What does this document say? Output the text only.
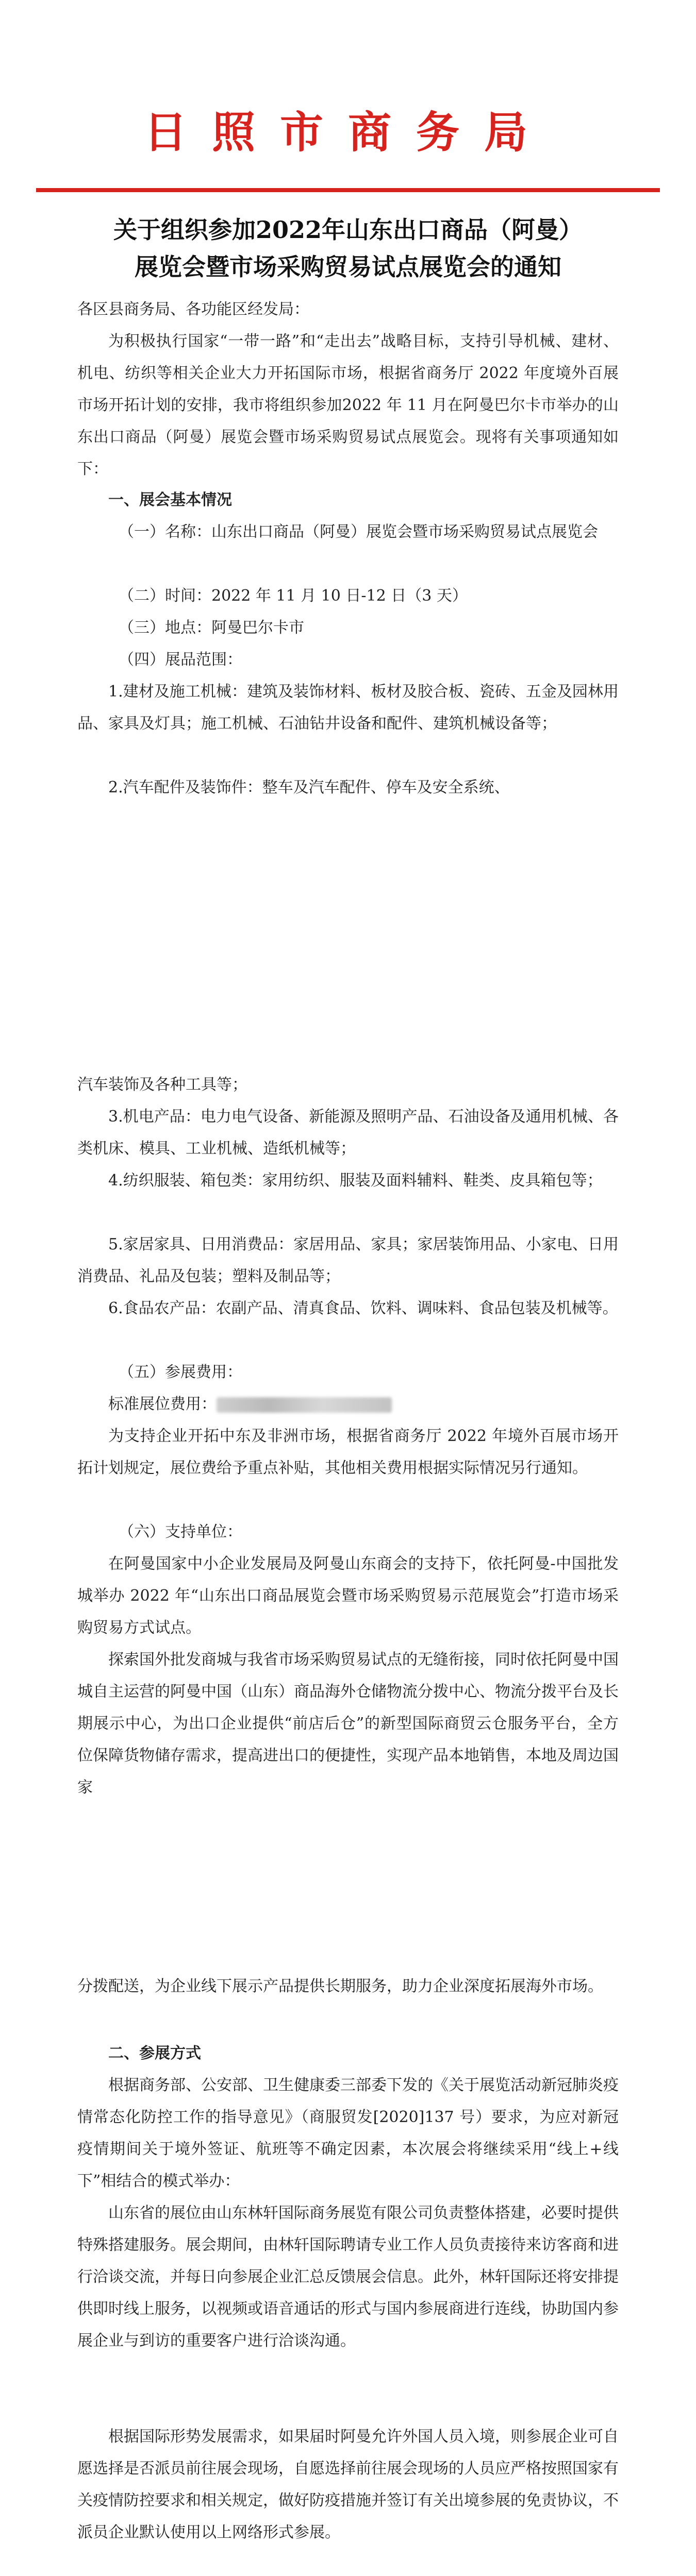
日照市商务局
关于组织参加2022年山东出口商品（阿曼）
展览会暨市场采购贸易试点展览会的通知

各区县商务局、各功能区经发局：

为积极执行国家“一带一路”和“走出去”战略目标，支持引导机械、建材、机电、纺织等相关企业大力开拓国际市场，根据省商务厅 2022 年度境外百展市场开拓计划的安排，我市将组织参加2022 年 11 月在阿曼巴尔卡市举办的山东出口商品（阿曼）展览会暨市场采购贸易试点展览会。现将有关事项通知如下：

一、展会基本情况

（一）名称：山东出口商品（阿曼）展览会暨市场采购贸易试点展览会

（二）时间：2022 年 11 月 10 日-12 日（3 天）

（三）地点：阿曼巴尔卡市

（四）展品范围：

1.建材及施工机械：建筑及装饰材料、板材及胶合板、瓷砖、五金及园林用品、家具及灯具；施工机械、石油钻井设备和配件、建筑机械设备等；

2.汽车配件及装饰件：整车及汽车配件、停车及安全系统、

汽车装饰及各种工具等；

3.机电产品：电力电气设备、新能源及照明产品、石油设备及通用机械、各类机床、模具、工业机械、造纸机械等；

4.纺织服装、箱包类：家用纺织、服装及面料辅料、鞋类、皮具箱包等；

5.家居家具、日用消费品：家居用品、家具；家居装饰用品、小家电、日用消费品、礼品及包装；塑料及制品等；

6.食品农产品：农副产品、清真食品、饮料、调味料、食品包装及机械等。

（五）参展费用：

标准展位费用：

为支持企业开拓中东及非洲市场，根据省商务厅 2022 年境外百展市场开拓计划规定，展位费给予重点补贴，其他相关费用根据实际情况另行通知。

（六）支持单位：

在阿曼国家中小企业发展局及阿曼山东商会的支持下，依托阿曼-中国批发城举办 2022 年“山东出口商品展览会暨市场采购贸易示范展览会”打造市场采购贸易方式试点。

探索国外批发商城与我省市场采购贸易试点的无缝衔接，同时依托阿曼中国城自主运营的阿曼中国（山东）商品海外仓储物流分拨中心、物流分拨平台及长期展示中心，为出口企业提供“前店后仓”的新型国际商贸云仓服务平台，全方位保障货物储存需求，提高进出口的便捷性，实现产品本地销售，本地及周边国家

分拨配送，为企业线下展示产品提供长期服务，助力企业深度拓展海外市场。

二、参展方式

根据商务部、公安部、卫生健康委三部委下发的《关于展览活动新冠肺炎疫情常态化防控工作的指导意见》（商服贸发[2020]137 号）要求，为应对新冠疫情期间关于境外签证、航班等不确定因素，本次展会将继续采用“线上+线下”相结合的模式举办：

山东省的展位由山东林轩国际商务展览有限公司负责整体搭建，必要时提供特殊搭建服务。展会期间，由林轩国际聘请专业工作人员负责接待来访客商和进行洽谈交流，并每日向参展企业汇总反馈展会信息。此外，林轩国际还将安排提供即时线上服务，以视频或语音通话的形式与国内参展商进行连线，协助国内参展企业与到访的重要客户进行洽谈沟通。

根据国际形势发展需求，如果届时阿曼允许外国人员入境，则参展企业可自愿选择是否派员前往展会现场，自愿选择前往展会现场的人员应严格按照国家有关疫情防控要求和相关规定，做好防疫措施并签订有关出境参展的免责协议，不派员企业默认使用以上网络形式参展。
